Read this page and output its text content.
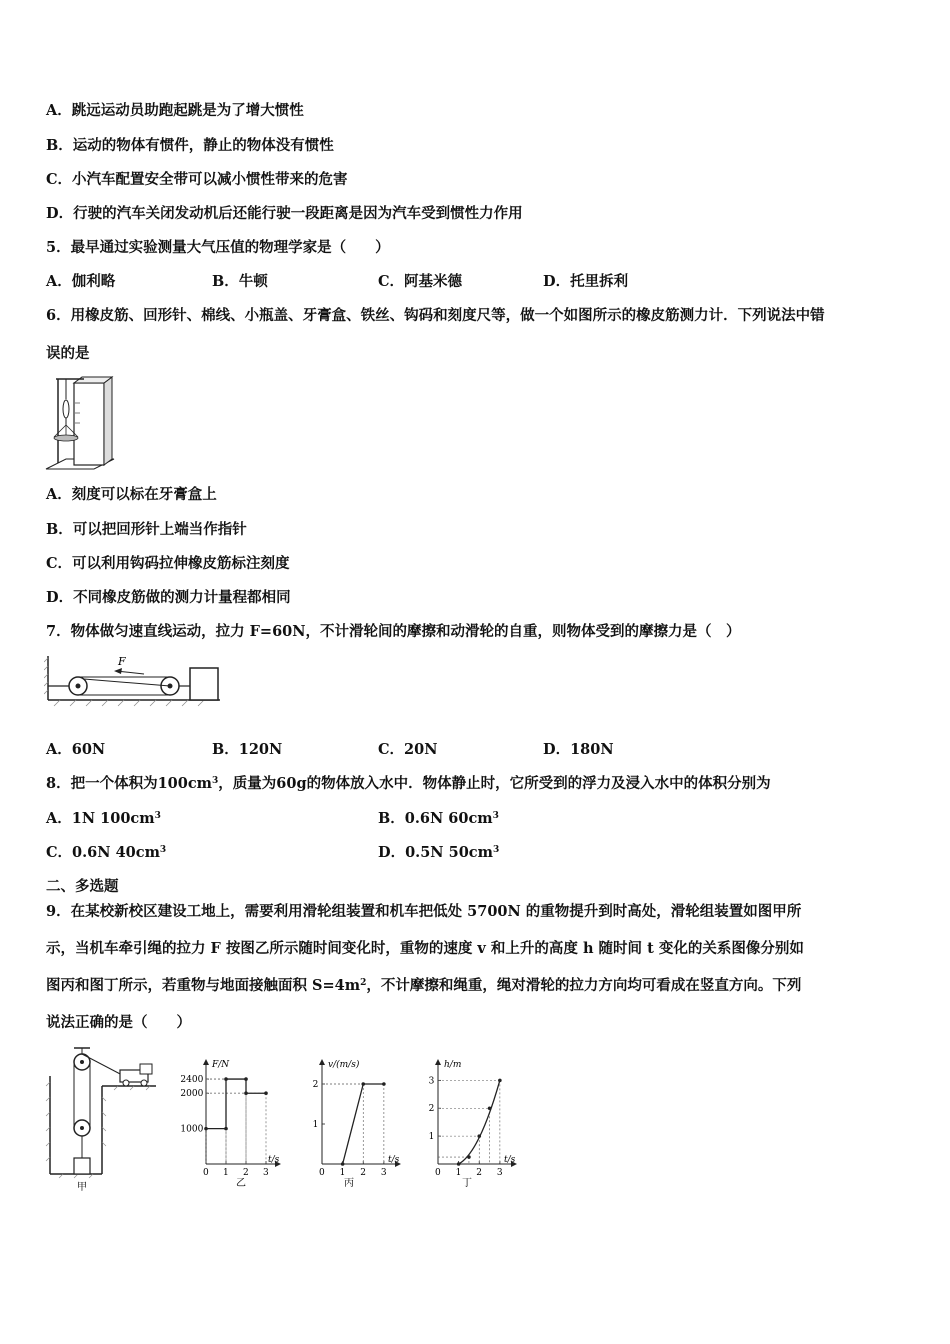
A．跳远运动员助跑起跳是为了增大惯性
B．运动的物体有惯件，静止的物体没有惯性
C．小汽车配置安全带可以减小惯性带来的危害
D．行驶的汽车关闭发动机后还能行驶一段距离是因为汽车受到惯性力作用
5．最早通过实验测量大气压值的物理学家是（　　）
A．伽利略	B．牛顿	C．阿基米德	D．托里拆利
6．用橡皮筋、回形针、棉线、小瓶盖、牙膏盒、铁丝、钩码和刻度尺等，做一个如图所示的橡皮筋测力计．下列说法中错
误的是
A．刻度可以标在牙膏盒上
B．可以把回形针上端当作指针
C．可以利用钩码拉伸橡皮筋标注刻度
D．不同橡皮筋做的测力计量程都相同
7．物体做匀速直线运动，拉力 F=60N，不计滑轮间的摩擦和动滑轮的自重，则物体受到的摩擦力是（　）
F
A．60N	B．120N	C．20N	D．180N
8．把一个体积为$100cm^3$，质量为60g的物体放入水中．物体静止时，它所受到的浮力及浸入水中的体积分别为
A．1N $100cm^3$	B．0.6N $60cm^3$
C．0.6N $40cm^3$	D．0.5N $50cm^3$
二、多选题
9．在某校新校区建设工地上，需要利用滑轮组装置和机车把低处 5700N 的重物提升到时高处，滑轮组装置如图甲所
示，当机车牵引绳的拉力 F 按图乙所示随时间变化时，重物的速度 v 和上升的高度 h 随时间 t 变化的关系图像分别如
图丙和图丁所示，若重物与地面接触面积 $S=4m^2$，不计摩擦和绳重，绳对滑轮的拉力方向均可看成在竖直方向。下列
说法正确的是（　　）
甲
F/N
t/s
乙
0 1 2 3
1000
2000
2400
v/(m/s)
t/s
丙
0 1 2 3
1
2
h/m
t/s
丁
0 1 2 3
1
2
3
